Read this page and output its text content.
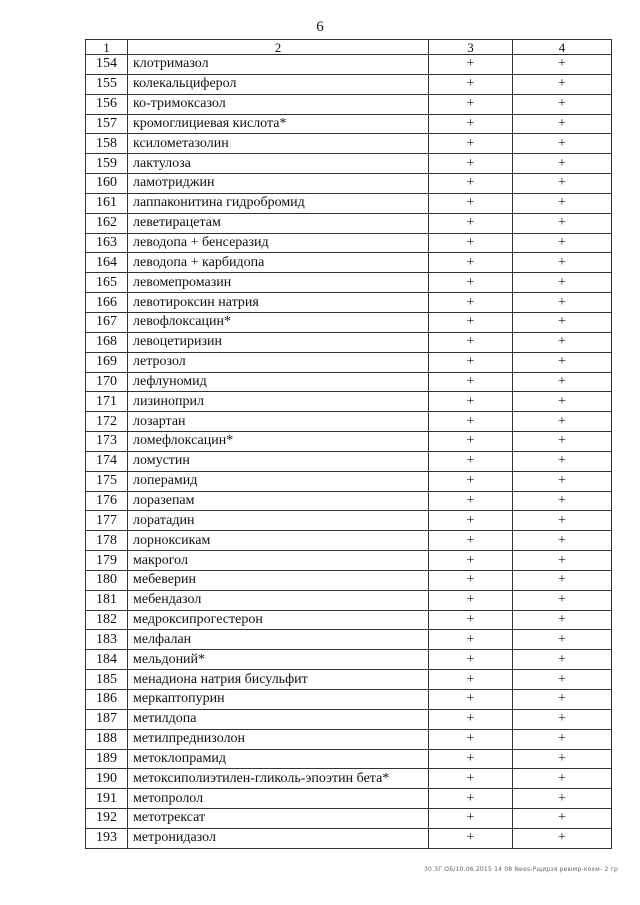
6
1	2	3	4
154	клотримазол	+	+
155	колекальциферол	+	+
156	ко-тримоксазол	+	+
157	кромоглициевая кислота*	+	+
158	ксилометазолин	+	+
159	лактулоза	+	+
160	ламотриджин	+	+
161	лаппаконитина гидробромид	+	+
162	леветирацетам	+	+
163	леводопа + бенсеразид	+	+
164	леводопа + карбидопа	+	+
165	левомепромазин	+	+
166	левотироксин натрия	+	+
167	левофлоксацин*	+	+
168	левоцетиризин	+	+
169	летрозол	+	+
170	лефлуномид	+	+
171	лизиноприл	+	+
172	лозартан	+	+
173	ломефлоксацин*	+	+
174	ломустин	+	+
175	лоперамид	+	+
176	лоразепам	+	+
177	лоратадин	+	+
178	лорноксикам	+	+
179	макрогол	+	+
180	мебеверин	+	+
181	мебендазол	+	+
182	медроксипрогестерон	+	+
183	мелфалан	+	+
184	мельдоний*	+	+
185	менадиона натрия бисульфит	+	+
186	меркаптопурин	+	+
187	метилдопа	+	+
188	метилпреднизолон	+	+
189	метоклопрамид	+	+
190	метоксиполиэтилен-гликоль-эпоэтин бета*	+	+
191	метопролол	+	+
192	метотрексат	+	+
193	метронидазол	+	+
30 ЗГ ОБ/10.06.2015 14 08 Nees-Рщирзя реюмр-кохм- 2 гр
